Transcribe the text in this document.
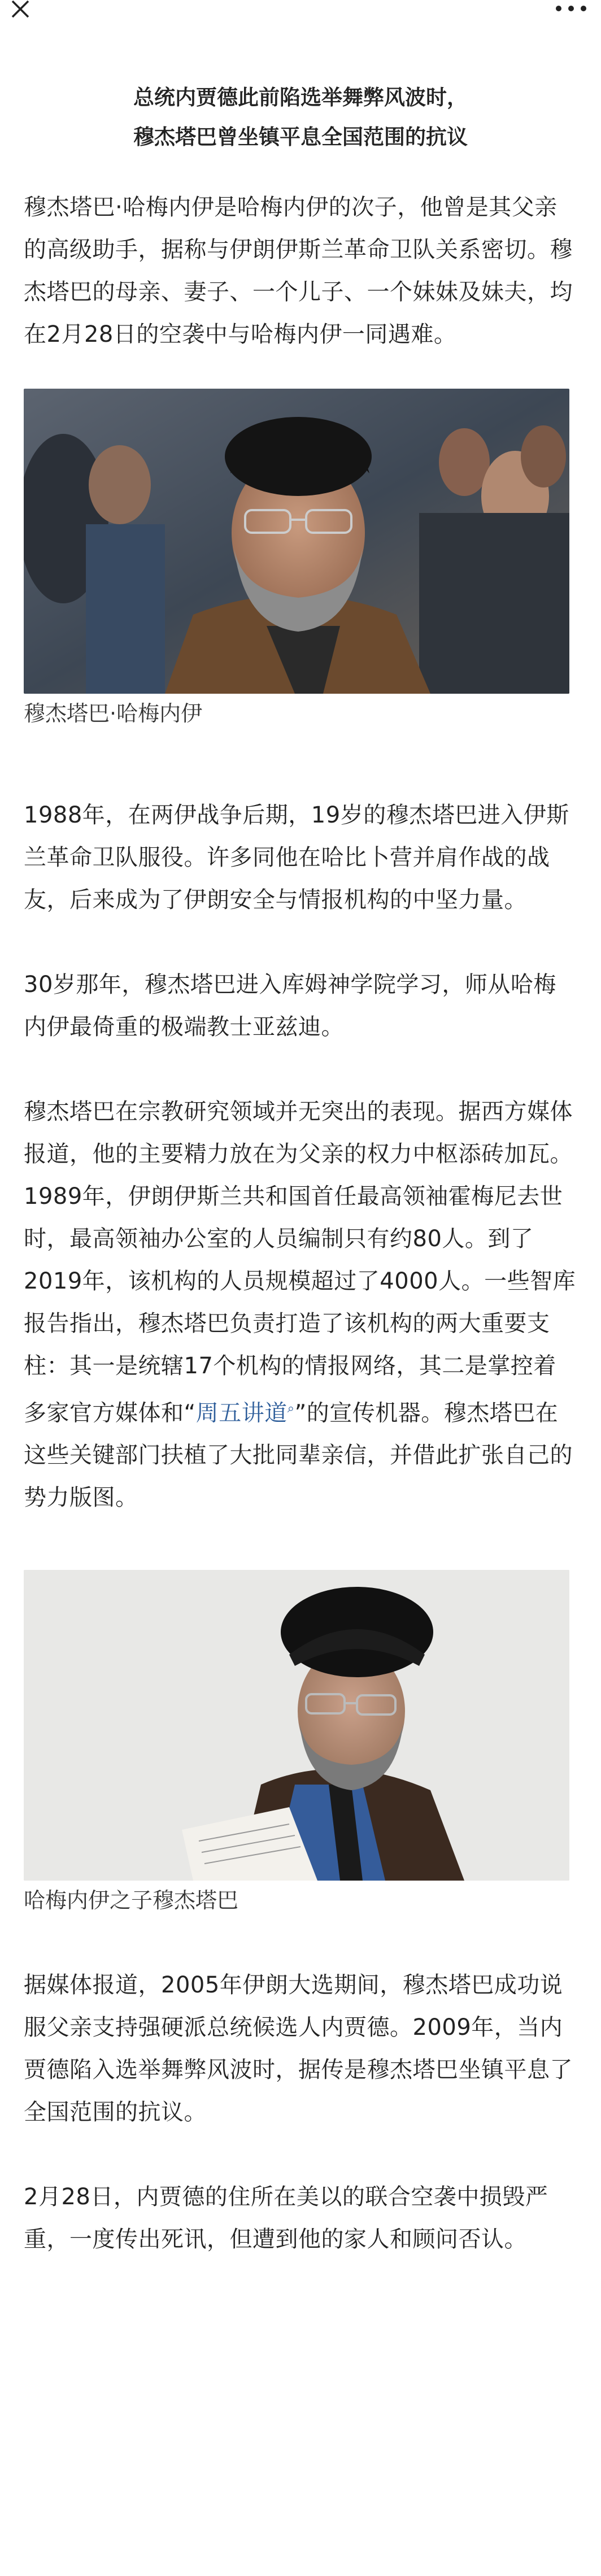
总统内贾德此前陷选举舞弊风波时，
穆杰塔巴曾坐镇平息全国范围的抗议

穆杰塔巴·哈梅内伊是哈梅内伊的次子，他曾是其父亲的高级助手，据称与伊朗伊斯兰革命卫队关系密切。穆杰塔巴的母亲、妻子、一个儿子、一个妹妹及妹夫，均在2月28日的空袭中与哈梅内伊一同遇难。

穆杰塔巴·哈梅内伊

1988年，在两伊战争后期，19岁的穆杰塔巴进入伊斯兰革命卫队服役。许多同他在哈比卜营并肩作战的战友，后来成为了伊朗安全与情报机构的中坚力量。

30岁那年，穆杰塔巴进入库姆神学院学习，师从哈梅内伊最倚重的极端教士亚兹迪。

穆杰塔巴在宗教研究领域并无突出的表现。据西方媒体报道，他的主要精力放在为父亲的权力中枢添砖加瓦。1989年，伊朗伊斯兰共和国首任最高领袖霍梅尼去世时，最高领袖办公室的人员编制只有约80人。到了2019年，该机构的人员规模超过了4000人。一些智库报告指出，穆杰塔巴负责打造了该机构的两大重要支柱：其一是统辖17个机构的情报网络，其二是掌控着多家官方媒体和“周五讲道⌕”的宣传机器。穆杰塔巴在这些关键部门扶植了大批同辈亲信，并借此扩张自己的势力版图。

哈梅内伊之子穆杰塔巴

据媒体报道，2005年伊朗大选期间，穆杰塔巴成功说服父亲支持强硬派总统候选人内贾德。2009年，当内贾德陷入选举舞弊风波时，据传是穆杰塔巴坐镇平息了全国范围的抗议。

2月28日，内贾德的住所在美以的联合空袭中损毁严重，一度传出死讯，但遭到他的家人和顾问否认。
